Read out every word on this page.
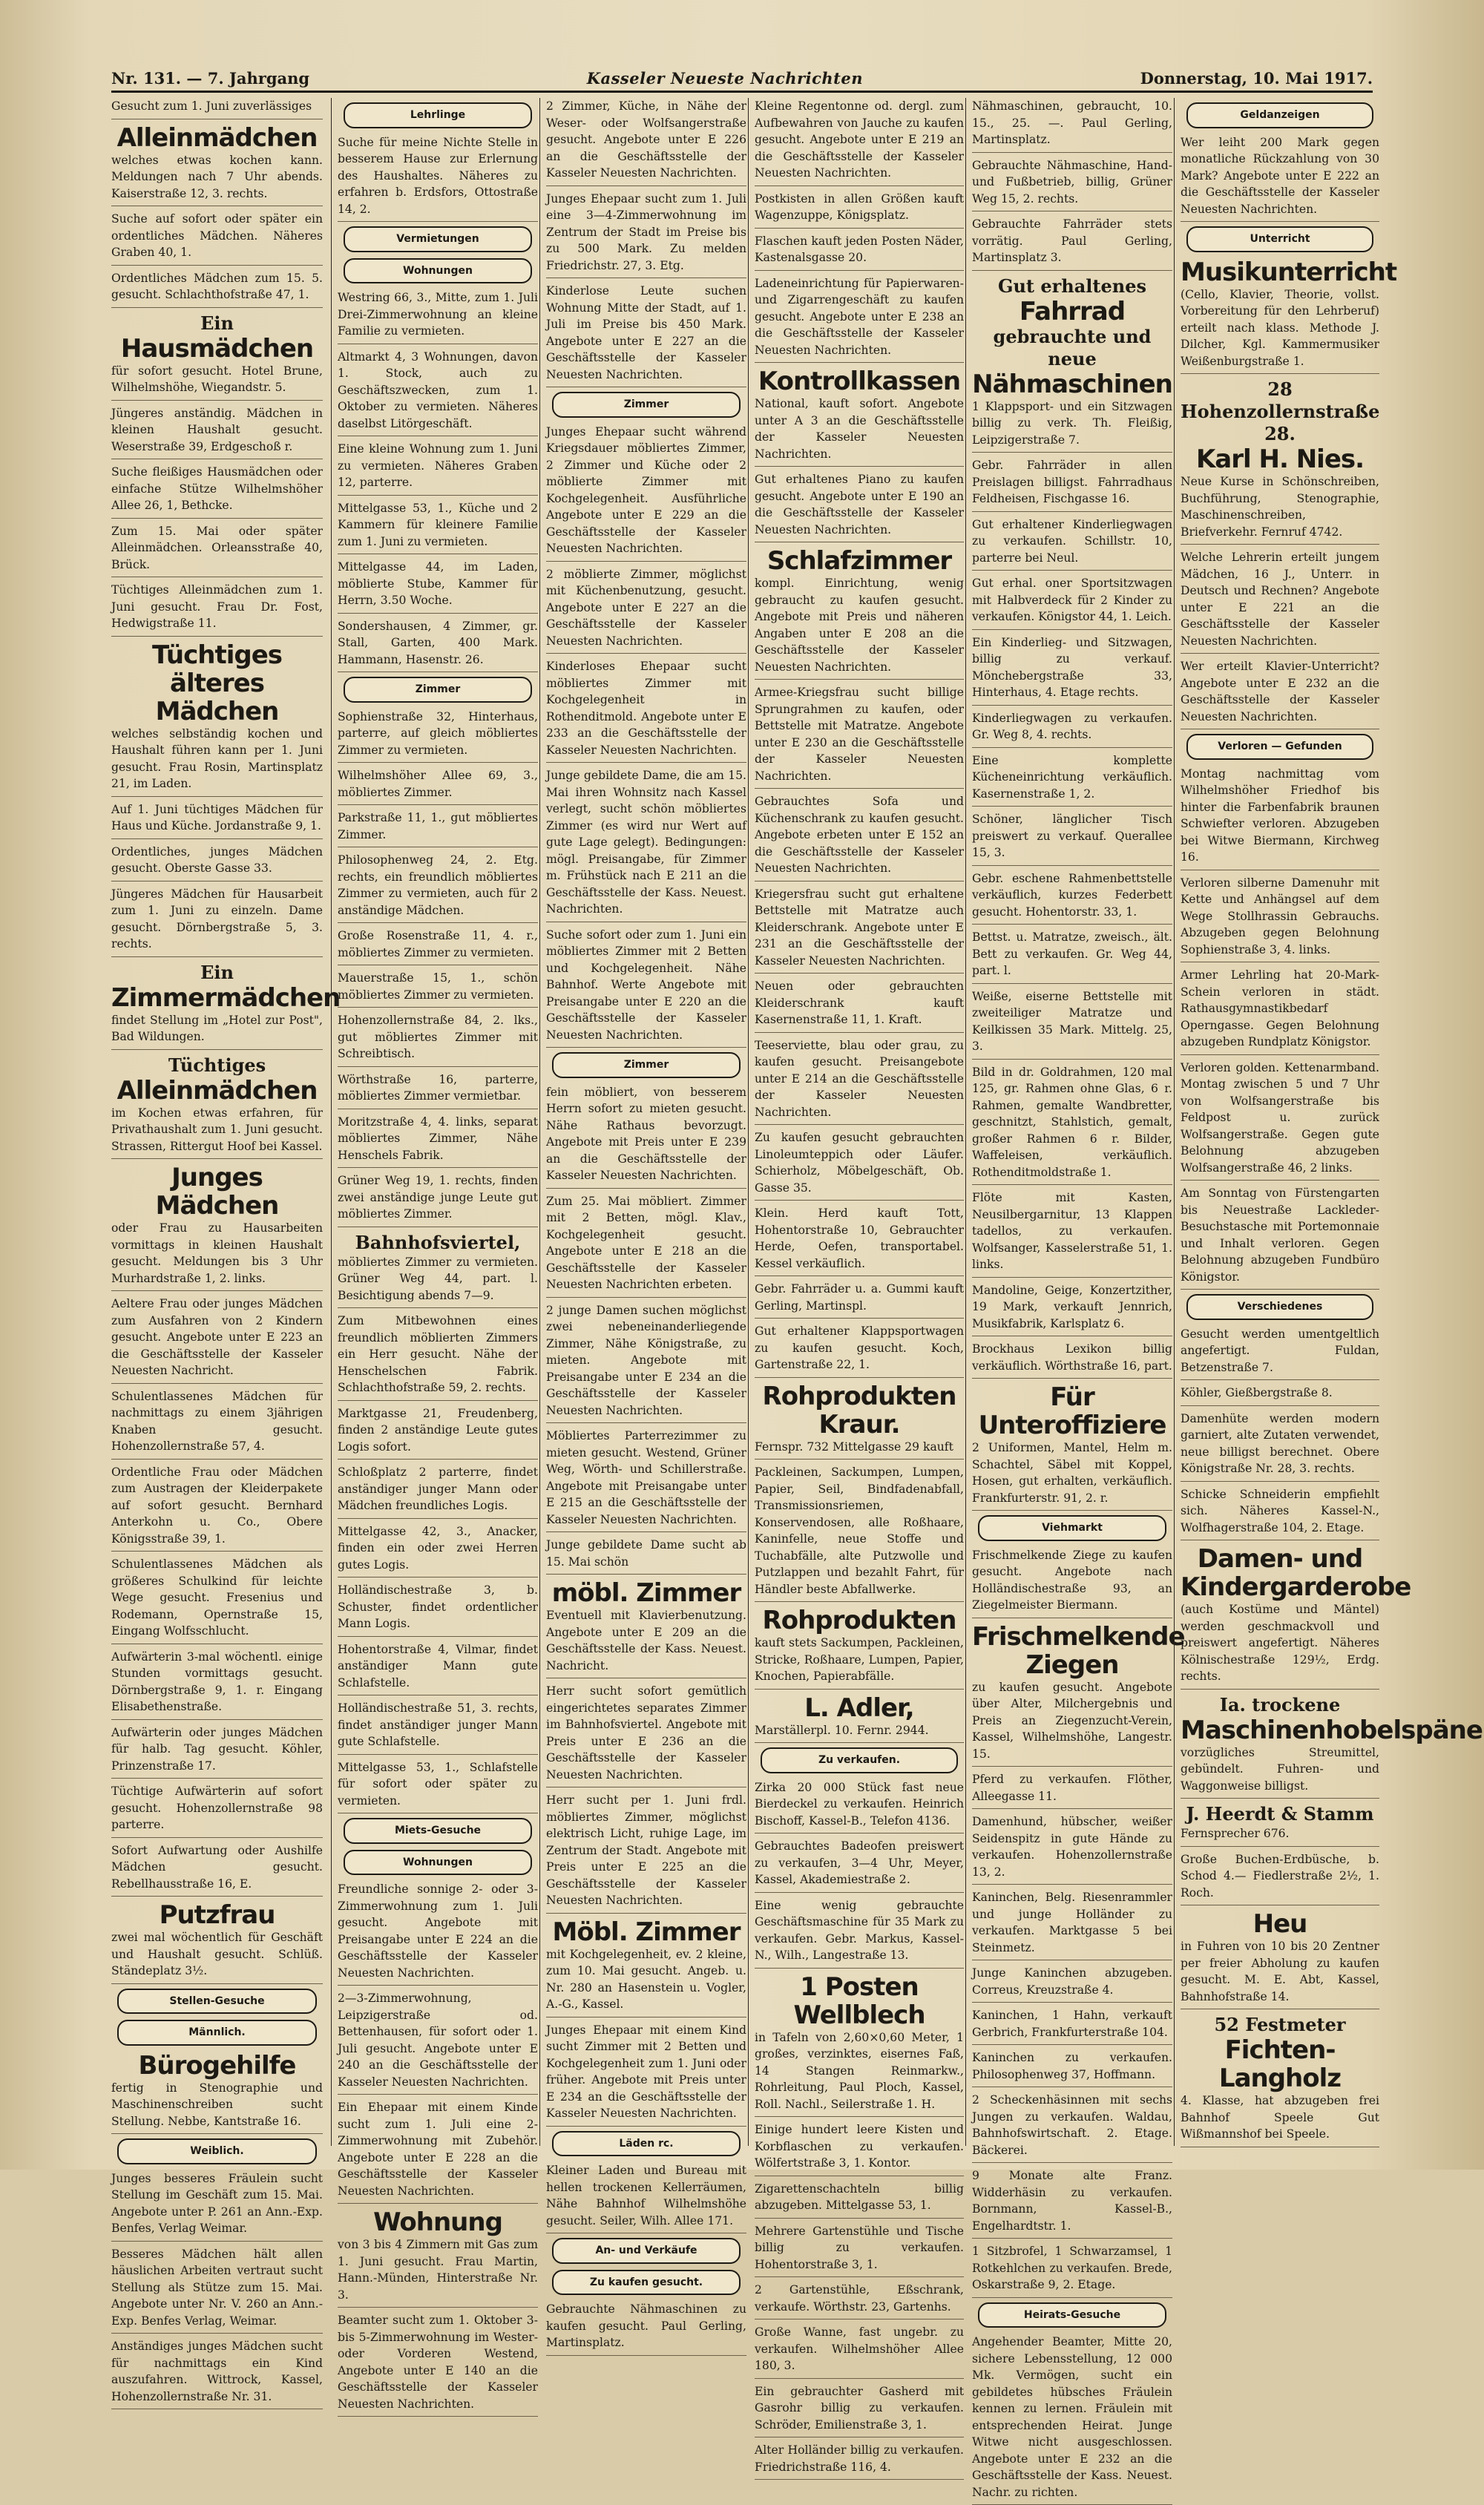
Nr. 131. — 7. Jahrgang	Kasseler Neueste Nachrichten	Donnerstag, 10. Mai 1917.
Gesucht zum 1. Juni zuverlässiges
Alleinmädchen
welches etwas kochen kann. Meldungen nach 7 Uhr abends. Kaiserstraße 12, 3. rechts.
Suche auf sofort oder später ein ordentliches Mädchen. Näheres Graben 40, 1.
Ordentliches Mädchen zum 15. 5. gesucht. Schlachthofstraße 47, 1.
Ein
Hausmädchen
für sofort gesucht. Hotel Brune, Wilhelmshöhe, Wiegandstr. 5.
Jüngeres anständig. Mädchen in kleinen Haushalt gesucht. Weserstraße 39, Erdgeschoß r.
Suche fleißiges Hausmädchen oder einfache Stütze Wilhelmshöher Allee 26, 1, Bethcke.
Zum 15. Mai oder später Alleinmädchen. Orleansstraße 40, Brück.
Tüchtiges Alleinmädchen zum 1. Juni gesucht. Frau Dr. Fost, Hedwigstraße 11.
Tüchtiges älteres Mädchen
welches selbständig kochen und Haushalt führen kann per 1. Juni gesucht. Frau Rosin, Martinsplatz 21, im Laden.
Auf 1. Juni tüchtiges Mädchen für Haus und Küche. Jordanstraße 9, 1.
Ordentliches, junges Mädchen gesucht. Oberste Gasse 33.
Jüngeres Mädchen für Hausarbeit zum 1. Juni zu einzeln. Dame gesucht. Dörnbergstraße 5, 3. rechts.
Ein
Zimmermädchen
findet Stellung im „Hotel zur Post", Bad Wildungen.
Tüchtiges
Alleinmädchen
im Kochen etwas erfahren, für Privathaushalt zum 1. Juni gesucht. Strassen, Rittergut Hoof bei Kassel.
Junges Mädchen
oder Frau zu Hausarbeiten vormittags in kleinen Haushalt gesucht. Meldungen bis 3 Uhr Murhardstraße 1, 2. links.
Aeltere Frau oder junges Mädchen zum Ausfahren von 2 Kindern gesucht. Angebote unter E 223 an die Geschäftsstelle der Kasseler Neuesten Nachricht.
Schulentlassenes Mädchen für nachmittags zu einem 3jährigen Knaben gesucht. Hohenzollernstraße 57, 4.
Ordentliche Frau oder Mädchen zum Austragen der Kleiderpakete auf sofort gesucht. Bernhard Anterkohn u. Co., Obere Königsstraße 39, 1.
Schulentlassenes Mädchen als größeres Schulkind für leichte Wege gesucht. Fresenius und Rodemann, Opernstraße 15, Eingang Wolfsschlucht.
Aufwärterin 3-mal wöchentl. einige Stunden vormittags gesucht. Dörnbergstraße 9, 1. r. Eingang Elisabethenstraße.
Aufwärterin oder junges Mädchen für halb. Tag gesucht. Köhler, Prinzenstraße 17.
Tüchtige Aufwärterin auf sofort gesucht. Hohenzollernstraße 98 parterre.
Sofort Aufwartung oder Aushilfe Mädchen gesucht. Rebellhausstraße 16, E.
Putzfrau
zwei mal wöchentlich für Geschäft und Haushalt gesucht. Schlüß. Ständeplatz 3½.
Stellen-Gesuche
Männlich.
Bürogehilfe
fertig in Stenographie und Maschinenschreiben sucht Stellung. Nebbe, Kantstraße 16.
Weiblich.
Junges besseres Fräulein sucht Stellung im Geschäft zum 15. Mai. Angebote unter P. 261 an Ann.-Exp. Benfes, Verlag Weimar.
Besseres Mädchen hält allen häuslichen Arbeiten vertraut sucht Stellung als Stütze zum 15. Mai. Angebote unter Nr. V. 260 an Ann.-Exp. Benfes Verlag, Weimar.
Anständiges junges Mädchen sucht für nachmittags ein Kind auszufahren. Wittrock, Kassel, Hohenzollernstraße Nr. 31.
Lehrlinge
Suche für meine Nichte Stelle in besserem Hause zur Erlernung des Haushaltes. Näheres zu erfahren b. Erdsfors, Ottostraße 14, 2.
Vermietungen
Wohnungen
Westring 66, 3., Mitte, zum 1. Juli Drei-Zimmerwohnung an kleine Familie zu vermieten.
Altmarkt 4, 3 Wohnungen, davon 1. Stock, auch zu Geschäftszwecken, zum 1. Oktober zu vermieten. Näheres daselbst Litörgeschäft.
Eine kleine Wohnung zum 1. Juni zu vermieten. Näheres Graben 12, parterre.
Mittelgasse 53, 1., Küche und 2 Kammern für kleinere Familie zum 1. Juni zu vermieten.
Mittelgasse 44, im Laden, möblierte Stube, Kammer für Herrn, 3.50 Woche.
Sondershausen, 4 Zimmer, gr. Stall, Garten, 400 Mark. Hammann, Hasenstr. 26.
Zimmer
Sophienstraße 32, Hinterhaus, parterre, auf gleich möbliertes Zimmer zu vermieten.
Wilhelmshöher Allee 69, 3., möbliertes Zimmer.
Parkstraße 11, 1., gut möbliertes Zimmer.
Philosophenweg 24, 2. Etg. rechts, ein freundlich möbliertes Zimmer zu vermieten, auch für 2 anständige Mädchen.
Große Rosenstraße 11, 4. r., möbliertes Zimmer zu vermieten.
Mauerstraße 15, 1., schön möbliertes Zimmer zu vermieten.
Hohenzollernstraße 84, 2. lks., gut möbliertes Zimmer mit Schreibtisch.
Wörthstraße 16, parterre, möbliertes Zimmer vermietbar.
Moritzstraße 4, 4. links, separat möbliertes Zimmer, Nähe Henschels Fabrik.
Grüner Weg 19, 1. rechts, finden zwei anständige junge Leute gut möbliertes Zimmer.
Bahnhofsviertel,
möbliertes Zimmer zu vermieten. Grüner Weg 44, part. l. Besichtigung abends 7—9.
Zum Mitbewohnen eines freundlich möblierten Zimmers ein Herr gesucht. Nähe der Henschelschen Fabrik. Schlachthofstraße 59, 2. rechts.
Marktgasse 21, Freudenberg, finden 2 anständige Leute gutes Logis sofort.
Schloßplatz 2 parterre, findet anständiger junger Mann oder Mädchen freundliches Logis.
Mittelgasse 42, 3., Anacker, finden ein oder zwei Herren gutes Logis.
Holländischestraße 3, b. Schuster, findet ordentlicher Mann Logis.
Hohentorstraße 4, Vilmar, findet anständiger Mann gute Schlafstelle.
Holländischestraße 51, 3. rechts, findet anständiger junger Mann gute Schlafstelle.
Mittelgasse 53, 1., Schlafstelle für sofort oder später zu vermieten.
Miets-Gesuche
Wohnungen
Freundliche sonnige 2- oder 3-Zimmerwohnung zum 1. Juli gesucht. Angebote mit Preisangabe unter E 224 an die Geschäftsstelle der Kasseler Neuesten Nachrichten.
2—3-Zimmerwohnung, Leipzigerstraße od. Bettenhausen, für sofort oder 1. Juli gesucht. Angebote unter E 240 an die Geschäftsstelle der Kasseler Neuesten Nachrichten.
Ein Ehepaar mit einem Kinde sucht zum 1. Juli eine 2-Zimmerwohnung mit Zubehör. Angebote unter E 228 an die Geschäftsstelle der Kasseler Neuesten Nachrichten.
Wohnung
von 3 bis 4 Zimmern mit Gas zum 1. Juni gesucht. Frau Martin, Hann.-Münden, Hinterstraße Nr. 3.
Beamter sucht zum 1. Oktober 3- bis 5-Zimmerwohnung im Wester- oder Vorderen Westend, Angebote unter E 140 an die Geschäftsstelle der Kasseler Neuesten Nachrichten.
2 Zimmer, Küche, in Nähe der Weser- oder Wolfsangerstraße gesucht. Angebote unter E 226 an die Geschäftsstelle der Kasseler Neuesten Nachrichten.
Junges Ehepaar sucht zum 1. Juli eine 3—4-Zimmerwohnung im Zentrum der Stadt im Preise bis zu 500 Mark. Zu melden Friedrichstr. 27, 3. Etg.
Kinderlose Leute suchen Wohnung Mitte der Stadt, auf 1. Juli im Preise bis 450 Mark. Angebote unter E 227 an die Geschäftsstelle der Kasseler Neuesten Nachrichten.
Zimmer
Junges Ehepaar sucht während Kriegsdauer möbliertes Zimmer, 2 Zimmer und Küche oder 2 möblierte Zimmer mit Kochgelegenheit. Ausführliche Angebote unter E 229 an die Geschäftsstelle der Kasseler Neuesten Nachrichten.
2 möblierte Zimmer, möglichst mit Küchenbenutzung, gesucht. Angebote unter E 227 an die Geschäftsstelle der Kasseler Neuesten Nachrichten.
Kinderloses Ehepaar sucht möbliertes Zimmer mit Kochgelegenheit in Rothenditmold. Angebote unter E 233 an die Geschäftsstelle der Kasseler Neuesten Nachrichten.
Junge gebildete Dame, die am 15. Mai ihren Wohnsitz nach Kassel verlegt, sucht schön möbliertes Zimmer (es wird nur Wert auf gute Lage gelegt). Bedingungen: mögl. Preisangabe, für Zimmer m. Frühstück nach E 211 an die Geschäftsstelle der Kass. Neuest. Nachrichten.
Suche sofort oder zum 1. Juni ein möbliertes Zimmer mit 2 Betten und Kochgelegenheit. Nähe Bahnhof. Werte Angebote mit Preisangabe unter E 220 an die Geschäftsstelle der Kasseler Neuesten Nachrichten.
Zimmer
fein möbliert, von besserem Herrn sofort zu mieten gesucht. Nähe Rathaus bevorzugt. Angebote mit Preis unter E 239 an die Geschäftsstelle der Kasseler Neuesten Nachrichten.
Zum 25. Mai möbliert. Zimmer mit 2 Betten, mögl. Klav., Kochgelegenheit gesucht. Angebote unter E 218 an die Geschäftsstelle der Kasseler Neuesten Nachrichten erbeten.
2 junge Damen suchen möglichst zwei nebeneinanderliegende Zimmer, Nähe Königstraße, zu mieten. Angebote mit Preisangabe unter E 234 an die Geschäftsstelle der Kasseler Neuesten Nachrichten.
Möbliertes Parterrezimmer zu mieten gesucht. Westend, Grüner Weg, Wörth- und Schillerstraße. Angebote mit Preisangabe unter E 215 an die Geschäftsstelle der Kasseler Neuesten Nachrichten.
Junge gebildete Dame sucht ab 15. Mai schön
möbl. Zimmer
Eventuell mit Klavierbenutzung. Angebote unter E 209 an die Geschäftsstelle der Kass. Neuest. Nachricht.
Herr sucht sofort gemütlich eingerichtetes separates Zimmer im Bahnhofsviertel. Angebote mit Preis unter E 236 an die Geschäftsstelle der Kasseler Neuesten Nachrichten.
Herr sucht per 1. Juni frdl. möbliertes Zimmer, möglichst elektrisch Licht, ruhige Lage, im Zentrum der Stadt. Angebote mit Preis unter E 225 an die Geschäftsstelle der Kasseler Neuesten Nachrichten.
Möbl. Zimmer
mit Kochgelegenheit, ev. 2 kleine, zum 10. Mai gesucht. Angeb. u. Nr. 280 an Hasenstein u. Vogler, A.-G., Kassel.
Junges Ehepaar mit einem Kind sucht Zimmer mit 2 Betten und Kochgelegenheit zum 1. Juni oder früher. Angebote mit Preis unter E 234 an die Geschäftsstelle der Kasseler Neuesten Nachrichten.
Läden rc.
Kleiner Laden und Bureau mit hellen trockenen Kellerräumen, Nähe Bahnhof Wilhelmshöhe gesucht. Seiler, Wilh. Allee 171.
An- und Verkäufe
Zu kaufen gesucht.
Gebrauchte Nähmaschinen zu kaufen gesucht. Paul Gerling, Martinsplatz.
Kleine Regentonne od. dergl. zum Aufbewahren von Jauche zu kaufen gesucht. Angebote unter E 219 an die Geschäftsstelle der Kasseler Neuesten Nachrichten.
Postkisten in allen Größen kauft Wagenzuppe, Königsplatz.
Flaschen kauft jeden Posten Näder, Kastenalsgasse 20.
Ladeneinrichtung für Papierwaren- und Zigarrengeschäft zu kaufen gesucht. Angebote unter E 238 an die Geschäftsstelle der Kasseler Neuesten Nachrichten.
Kontrollkassen
National, kauft sofort. Angebote unter A 3 an die Geschäftsstelle der Kasseler Neuesten Nachrichten.
Gut erhaltenes Piano zu kaufen gesucht. Angebote unter E 190 an die Geschäftsstelle der Kasseler Neuesten Nachrichten.
Schlafzimmer
kompl. Einrichtung, wenig gebraucht zu kaufen gesucht. Angebote mit Preis und näheren Angaben unter E 208 an die Geschäftsstelle der Kasseler Neuesten Nachrichten.
Armee-Kriegsfrau sucht billige Sprungrahmen zu kaufen, oder Bettstelle mit Matratze. Angebote unter E 230 an die Geschäftsstelle der Kasseler Neuesten Nachrichten.
Gebrauchtes Sofa und Küchenschrank zu kaufen gesucht. Angebote erbeten unter E 152 an die Geschäftsstelle der Kasseler Neuesten Nachrichten.
Kriegersfrau sucht gut erhaltene Bettstelle mit Matratze auch Kleiderschrank. Angebote unter E 231 an die Geschäftsstelle der Kasseler Neuesten Nachrichten.
Neuen oder gebrauchten Kleiderschrank kauft Kasernenstraße 11, 1. Kraft.
Teeserviette, blau oder grau, zu kaufen gesucht. Preisangebote unter E 214 an die Geschäftsstelle der Kasseler Neuesten Nachrichten.
Zu kaufen gesucht gebrauchten Linoleumteppich oder Läufer. Schierholz, Möbelgeschäft, Ob. Gasse 35.
Klein. Herd kauft Tott, Hohentorstraße 10, Gebrauchter Herde, Oefen, transportabel. Kessel verkäuflich.
Gebr. Fahrräder u. a. Gummi kauft Gerling, Martinspl.
Gut erhaltener Klappsportwagen zu kaufen gesucht. Koch, Gartenstraße 22, 1.
Rohprodukten Kraur.
Fernspr. 732 Mittelgasse 29 kauft
Packleinen, Sackumpen, Lumpen, Papier, Seil, Bindfadenabfall, Transmissionsriemen, Konservendosen, alle Roßhaare, Kaninfelle, neue Stoffe und Tuchabfälle, alte Putzwolle und Putzlappen und bezahlt Fahrt, für Händler beste Abfallwerke.
Rohprodukten
kauft stets Sackumpen, Packleinen, Stricke, Roßhaare, Lumpen, Papier, Knochen, Papierabfälle.
L. Adler,
Marställerpl. 10. Fernr. 2944.
Zu verkaufen.
Zirka 20 000 Stück fast neue Bierdeckel zu verkaufen. Heinrich Bischoff, Kassel-B., Telefon 4136.
Gebrauchtes Badeofen preiswert zu verkaufen, 3—4 Uhr, Meyer, Kassel, Akademiestraße 2.
Eine wenig gebrauchte Geschäftsmaschine für 35 Mark zu verkaufen. Gebr. Markus, Kassel-N., Wilh., Langestraße 13.
1 Posten Wellblech
in Tafeln von 2,60×0,60 Meter, 1 großes, verzinktes, eisernes Faß, 14 Stangen Reinmarkw., Rohrleitung, Paul Ploch, Kassel, Roll. Nachl., Seilerstraße 1. H.
Einige hundert leere Kisten und Korbflaschen zu verkaufen. Wölfertstraße 3, 1. Kontor.
Zigarettenschachteln billig abzugeben. Mittelgasse 53, 1.
Mehrere Gartenstühle und Tische billig zu verkaufen. Hohentorstraße 3, 1.
2 Gartenstühle, Eßschrank, verkaufe. Wörthstr. 23, Gartenhs.
Große Wanne, fast ungebr. zu verkaufen. Wilhelmshöher Allee 180, 3.
Ein gebrauchter Gasherd mit Gasrohr billig zu verkaufen. Schröder, Emilienstraße 3, 1.
Alter Holländer billig zu verkaufen. Friedrichstraße 116, 4.
Nähmaschinen, gebraucht, 10. 15., 25. —. Paul Gerling, Martinsplatz.
Gebrauchte Nähmaschine, Hand- und Fußbetrieb, billig, Grüner Weg 15, 2. rechts.
Gebrauchte Fahrräder stets vorrätig. Paul Gerling, Martinsplatz 3.
Gut erhaltenes
Fahrrad
gebrauchte und neue
Nähmaschinen
1 Klappsport- und ein Sitzwagen billig zu verk. Th. Fleißig, Leipzigerstraße 7.
Gebr. Fahrräder in allen Preislagen billigst. Fahrradhaus Feldheisen, Fischgasse 16.
Gut erhaltener Kinderliegwagen zu verkaufen. Schillstr. 10, parterre bei Neul.
Gut erhal. oner Sportsitzwagen mit Halbverdeck für 2 Kinder zu verkaufen. Königstor 44, 1. Leich.
Ein Kinderlieg- und Sitzwagen, billig zu verkauf. Mönchebergstraße 33, Hinterhaus, 4. Etage rechts.
Kinderliegwagen zu verkaufen. Gr. Weg 8, 4. rechts.
Eine komplette Kücheneinrichtung verkäuflich. Kasernenstraße 1, 2.
Schöner, länglicher Tisch preiswert zu verkauf. Querallee 15, 3.
Gebr. eschene Rahmenbettstelle verkäuflich, kurzes Federbett gesucht. Hohentorstr. 33, 1.
Bettst. u. Matratze, zweisch., ält. Bett zu verkaufen. Gr. Weg 44, part. l.
Weiße, eiserne Bettstelle mit zweiteiliger Matratze und Keilkissen 35 Mark. Mittelg. 25, 3.
Bild in dr. Goldrahmen, 120 mal 125, gr. Rahmen ohne Glas, 6 r. Rahmen, gemalte Wandbretter, geschnitzt, Stahlstich, gemalt, großer Rahmen 6 r. Bilder, Waffeleisen, verkäuflich. Rothenditmoldstraße 1.
Flöte mit Kasten, Neusilbergarnitur, 13 Klappen tadellos, zu verkaufen. Wolfsanger, Kasselerstraße 51, 1. links.
Mandoline, Geige, Konzertzither, 19 Mark, verkauft Jennrich, Musikfabrik, Karlsplatz 6.
Brockhaus Lexikon billig verkäuflich. Wörthstraße 16, part.
Für Unteroffiziere
2 Uniformen, Mantel, Helm m. Schachtel, Säbel mit Koppel, Hosen, gut erhalten, verkäuflich. Frankfurterstr. 91, 2. r.
Viehmarkt
Frischmelkende Ziege zu kaufen gesucht. Angebote nach Holländischestraße 93, an Ziegelmeister Biermann.
Frischmelkende Ziegen
zu kaufen gesucht. Angebote über Alter, Milchergebnis und Preis an Ziegenzucht-Verein, Kassel, Wilhelmshöhe, Langestr. 15.
Pferd zu verkaufen. Flöther, Alleegasse 11.
Damenhund, hübscher, weißer Seidenspitz in gute Hände zu verkaufen. Hohenzollernstraße 13, 2.
Kaninchen, Belg. Riesenrammler und junge Holländer zu verkaufen. Marktgasse 5 bei Steinmetz.
Junge Kaninchen abzugeben. Correus, Kreuzstraße 4.
Kaninchen, 1 Hahn, verkauft Gerbrich, Frankfurterstraße 104.
Kaninchen zu verkaufen. Philosophenweg 37, Hoffmann.
2 Scheckenhäsinnen mit sechs Jungen zu verkaufen. Waldau, Bahnhofswirtschaft. 2. Etage. Bäckerei.
9 Monate alte Franz. Widderhäsin zu verkaufen. Bornmann, Kassel-B., Engelhardtstr. 1.
1 Sitzbrofel, 1 Schwarzamsel, 1 Rotkehlchen zu verkaufen. Brede, Oskarstraße 9, 2. Etage.
Heirats-Gesuche
Angehender Beamter, Mitte 20, sichere Lebensstellung, 12 000 Mk. Vermögen, sucht ein gebildetes hübsches Fräulein kennen zu lernen. Fräulein mit entsprechenden Heirat. Junge Witwe nicht ausgeschlossen. Angebote unter E 232 an die Geschäftsstelle der Kass. Neuest. Nachr. zu richten.
Geldanzeigen
Wer leiht 200 Mark gegen monatliche Rückzahlung von 30 Mark? Angebote unter E 222 an die Geschäftsstelle der Kasseler Neuesten Nachrichten.
Unterricht
Musikunterricht
(Cello, Klavier, Theorie, vollst. Vorbereitung für den Lehrberuf) erteilt nach klass. Methode J. Dilcher, Kgl. Kammermusiker Weißenburgstraße 1.
28 Hohenzollernstraße 28.
Karl H. Nies.
Neue Kurse in Schönschreiben, Buchführung, Stenographie, Maschinenschreiben, Briefverkehr. Fernruf 4742.
Welche Lehrerin erteilt jungem Mädchen, 16 J., Unterr. in Deutsch und Rechnen? Angebote unter E 221 an die Geschäftsstelle der Kasseler Neuesten Nachrichten.
Wer erteilt Klavier-Unterricht? Angebote unter E 232 an die Geschäftsstelle der Kasseler Neuesten Nachrichten.
Verloren — Gefunden
Montag nachmittag vom Wilhelmshöher Friedhof bis hinter die Farbenfabrik braunen Schwiefter verloren. Abzugeben bei Witwe Biermann, Kirchweg 16.
Verloren silberne Damenuhr mit Kette und Anhängsel auf dem Wege Stollhrassin Gebrauchs. Abzugeben gegen Belohnung Sophienstraße 3, 4. links.
Armer Lehrling hat 20-Mark-Schein verloren in städt. Rathausgymnastikbedarf Operngasse. Gegen Belohnung abzugeben Rundplatz Königstor.
Verloren golden. Kettenarmband. Montag zwischen 5 und 7 Uhr von Wolfsangerstraße bis Feldpost u. zurück Wolfsangerstraße. Gegen gute Belohnung abzugeben Wolfsangerstraße 46, 2 links.
Am Sonntag von Fürstengarten bis Neuestraße Lackleder-Besuchstasche mit Portemonnaie und Inhalt verloren. Gegen Belohnung abzugeben Fundbüro Königstor.
Verschiedenes
Gesucht werden umentgeltlich angefertigt. Fuldan, Betzenstraße 7.
Köhler, Gießbergstraße 8.
Damenhüte werden modern garniert, alte Zutaten verwendet, neue billigst berechnet. Obere Königstraße Nr. 28, 3. rechts.
Schicke Schneiderin empfiehlt sich. Näheres Kassel-N., Wolfhagerstraße 104, 2. Etage.
Damen- und Kindergarderobe
(auch Kostüme und Mäntel) werden geschmackvoll und preiswert angefertigt. Näheres Kölnischestraße 129½, Erdg. rechts.
Ia. trockene
Maschinenhobelspäne
vorzügliches Streumittel, gebündelt. Fuhren- und Waggonweise billigst.
J. Heerdt & Stamm
Fernsprecher 676.
Große Buchen-Erdbüsche, b. Schod 4.— Fiedlerstraße 2½, 1. Roch.
Heu
in Fuhren von 10 bis 20 Zentner per freier Abholung zu kaufen gesucht. M. E. Abt, Kassel, Bahnhofstraße 14.
52 Festmeter
Fichten-Langholz
4. Klasse, hat abzugeben frei Bahnhof Speele Gut Wißmannshof bei Speele.
